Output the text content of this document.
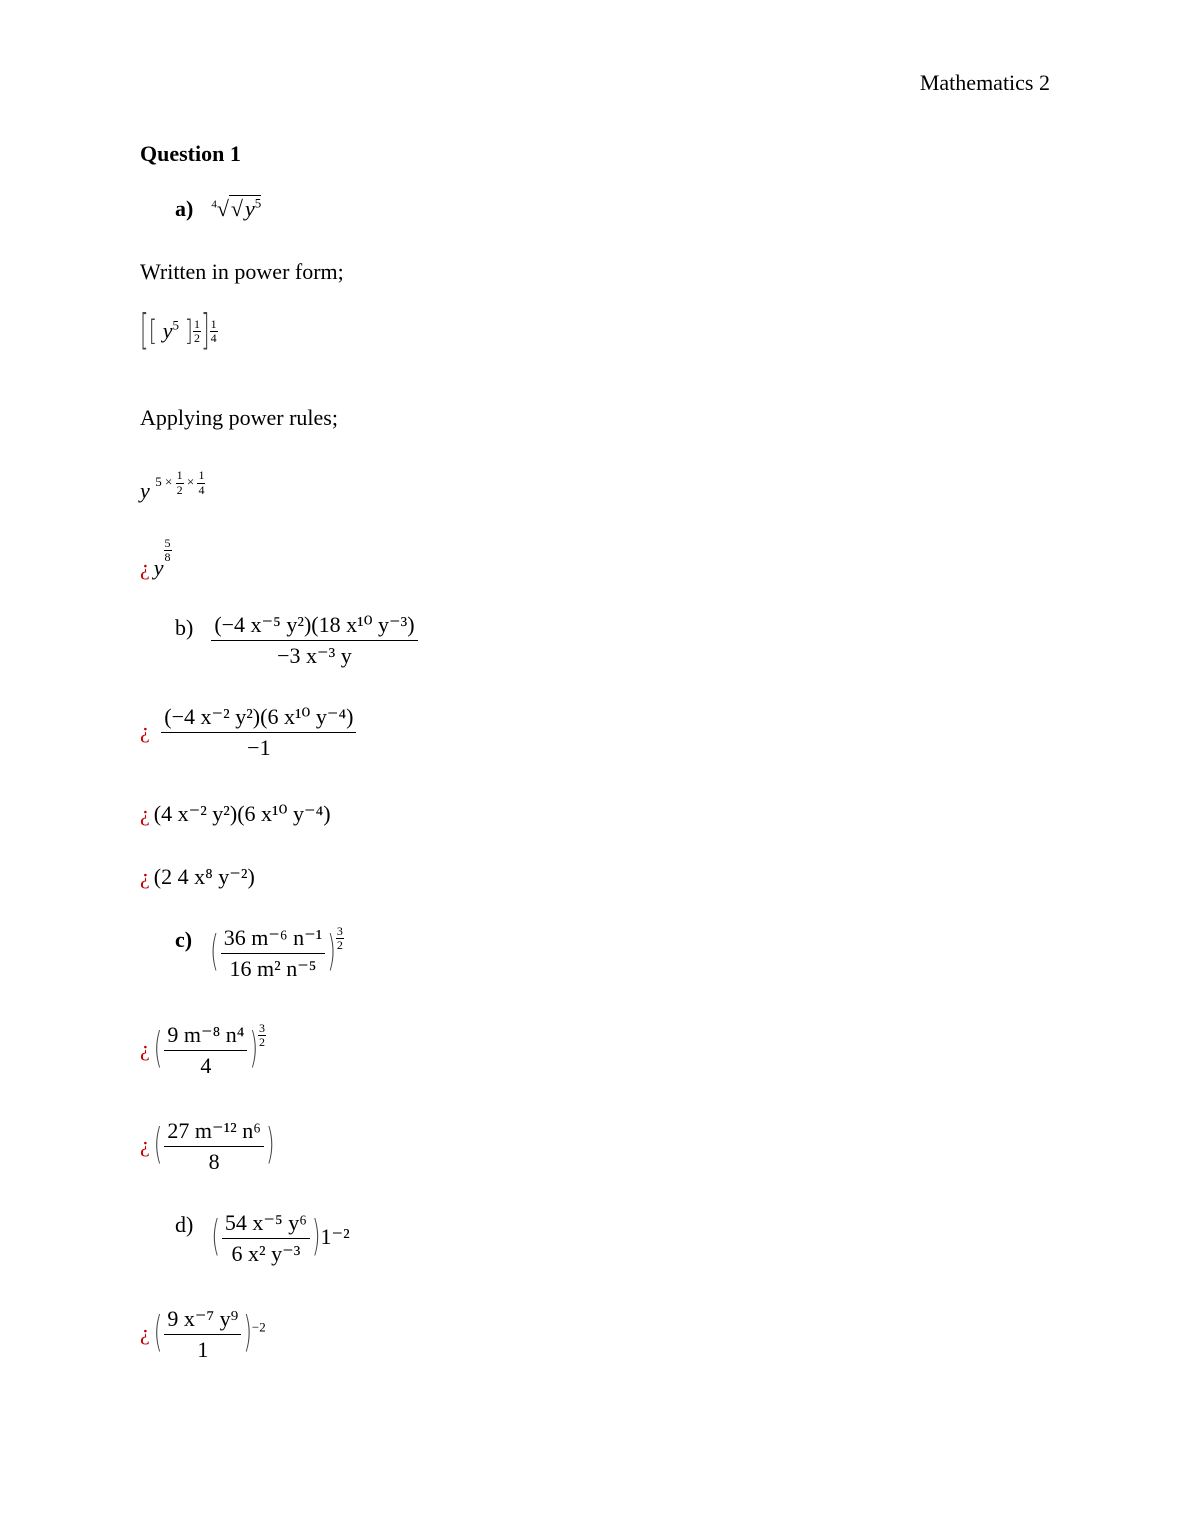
Mathematics 2
Question 1
a) $^4√√y^5$
Written in power form;
[[ $y^5$ ] $\frac{1}{2}$ ] $\frac{1}{4}$
Applying power rules;
y $_{5 \times \frac{1}{2} \times \frac{1}{4}}$
¿ y
$\frac{5}{8}$
$b) \frac{\text{(−4 x⁻⁵ y²)(18 x¹⁰ y⁻³)}}{\text{−3 x⁻³ y}}$
¿ $\frac{\text{(−4 x⁻² y²)(6 x¹⁰ y⁻⁴)}}{-1}$
¿ (4 x⁻² y²)(6 x¹⁰ y⁻⁴)
¿ (2 4 x⁸ y⁻²)
c) ( $\frac{\text{36 m⁻⁶ n⁻¹}}{\text{16 m² n⁻⁵}}$ ) $\frac{3}{2}$
¿ ( $\frac{\text{9 m⁻⁸ n⁴}}{4}$ ) $\frac{3}{2}$
¿ ( $\frac{\text{27 m⁻¹² n⁶}}{8}$ )
d) ( $\frac{\text{54 x⁻⁵ y⁶}}{\text{6 x² y⁻³}} )1^{-2}$
¿ ( $\frac{\text{9 x⁻⁷ y⁹}}{1} )^{-2}$
